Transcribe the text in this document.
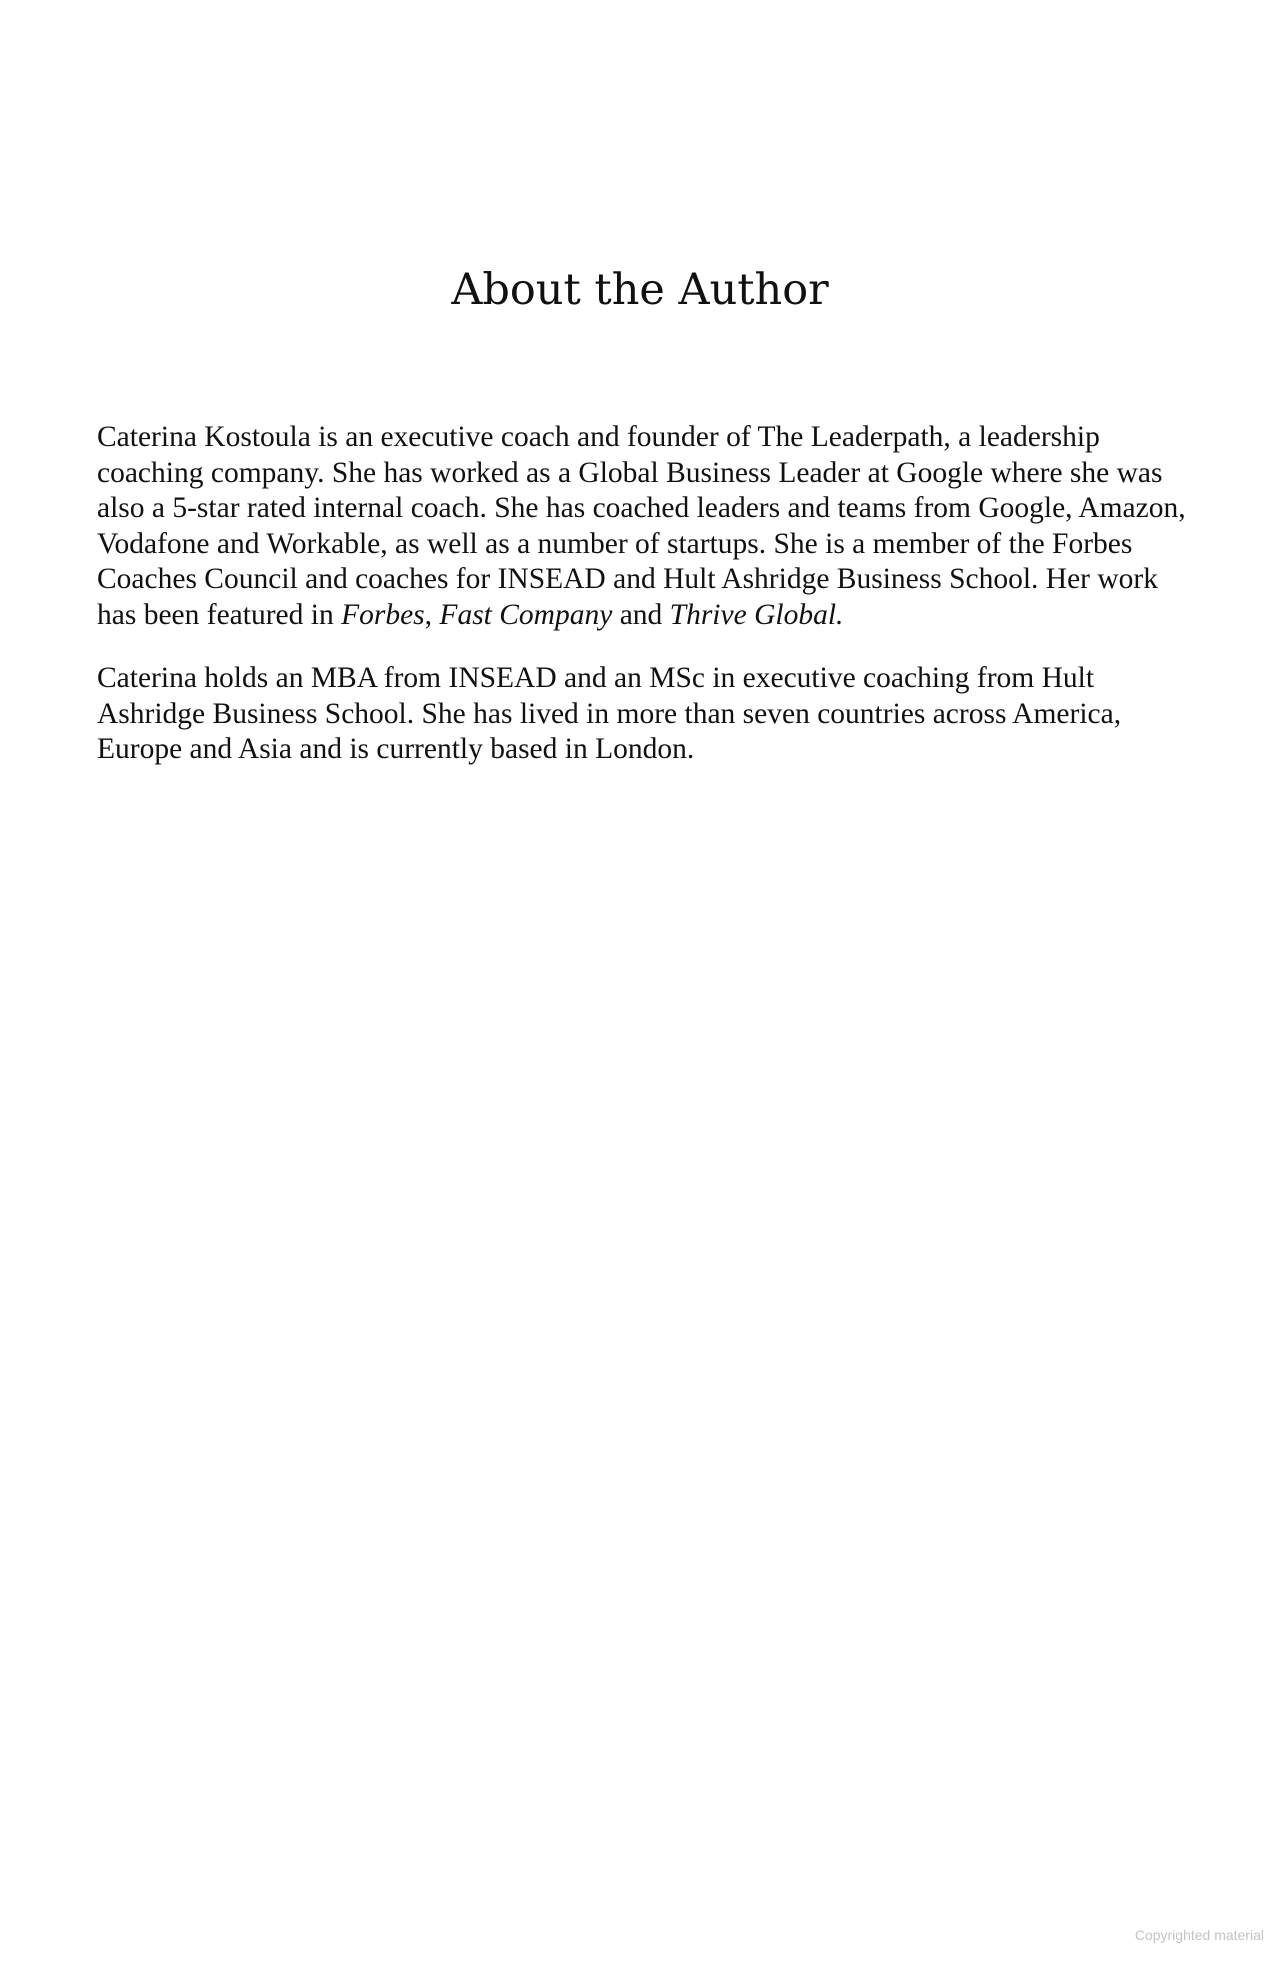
About the Author

Caterina Kostoula is an executive coach and founder of The Leaderpath, a leadership coaching company. She has worked as a Global Business Leader at Google where she was also a 5-star rated internal coach. She has coached leaders and teams from Google, Amazon, Vodafone and Workable, as well as a number of startups. She is a member of the Forbes Coaches Council and coaches for INSEAD and Hult Ashridge Business School. Her work has been featured in Forbes, Fast Company and Thrive Global.

Caterina holds an MBA from INSEAD and an MSc in executive coaching from Hult Ashridge Business School. She has lived in more than seven countries across America, Europe and Asia and is currently based in London.

Copyrighted material
